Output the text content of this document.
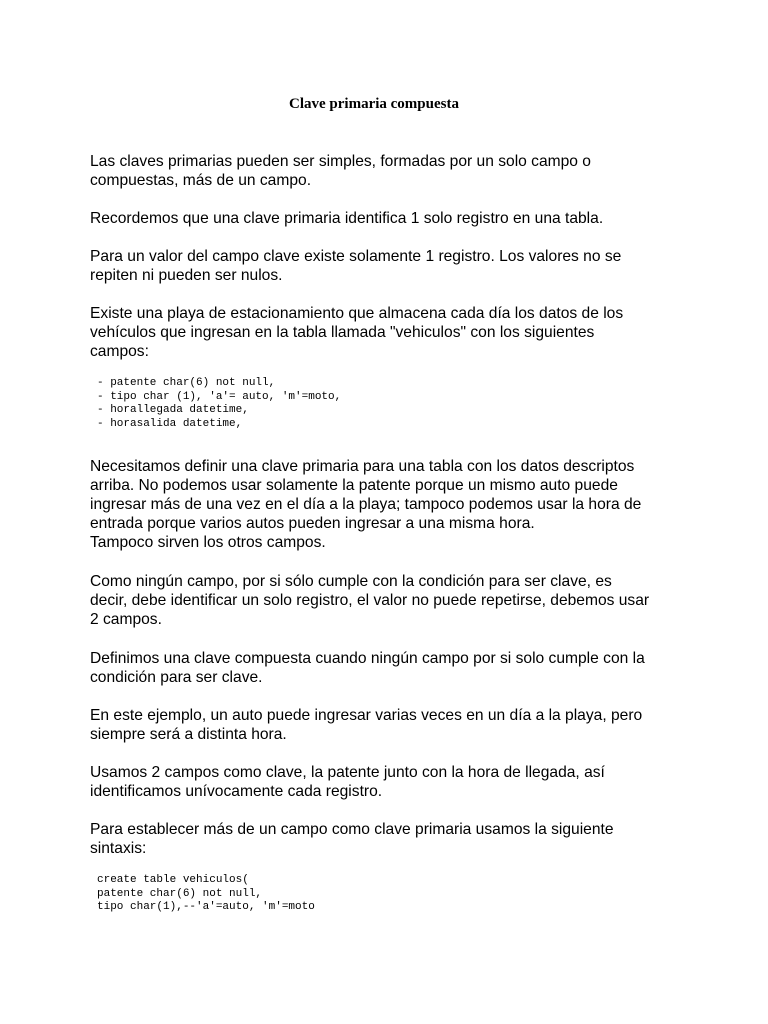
Clave primaria compuesta

Las claves primarias pueden ser simples, formadas por un solo campo o
compuestas, más de un campo.

Recordemos que una clave primaria identifica 1 solo registro en una tabla.

Para un valor del campo clave existe solamente 1 registro. Los valores no se
repiten ni pueden ser nulos.

Existe una playa de estacionamiento que almacena cada día los datos de los
vehículos que ingresan en la tabla llamada "vehiculos" con los siguientes
campos:

- patente char(6) not null,
- tipo char (1), 'a'= auto, 'm'=moto,
- horallegada datetime,
- horasalida datetime,

Necesitamos definir una clave primaria para una tabla con los datos descriptos
arriba. No podemos usar solamente la patente porque un mismo auto puede
ingresar más de una vez en el día a la playa; tampoco podemos usar la hora de
entrada porque varios autos pueden ingresar a una misma hora.
Tampoco sirven los otros campos.

Como ningún campo, por si sólo cumple con la condición para ser clave, es
decir, debe identificar un solo registro, el valor no puede repetirse, debemos usar
2 campos.

Definimos una clave compuesta cuando ningún campo por si solo cumple con la
condición para ser clave.

En este ejemplo, un auto puede ingresar varias veces en un día a la playa, pero
siempre será a distinta hora.

Usamos 2 campos como clave, la patente junto con la hora de llegada, así
identificamos unívocamente cada registro.

Para establecer más de un campo como clave primaria usamos la siguiente
sintaxis:

create table vehiculos(
patente char(6) not null,
tipo char(1),--'a'=auto, 'm'=moto
